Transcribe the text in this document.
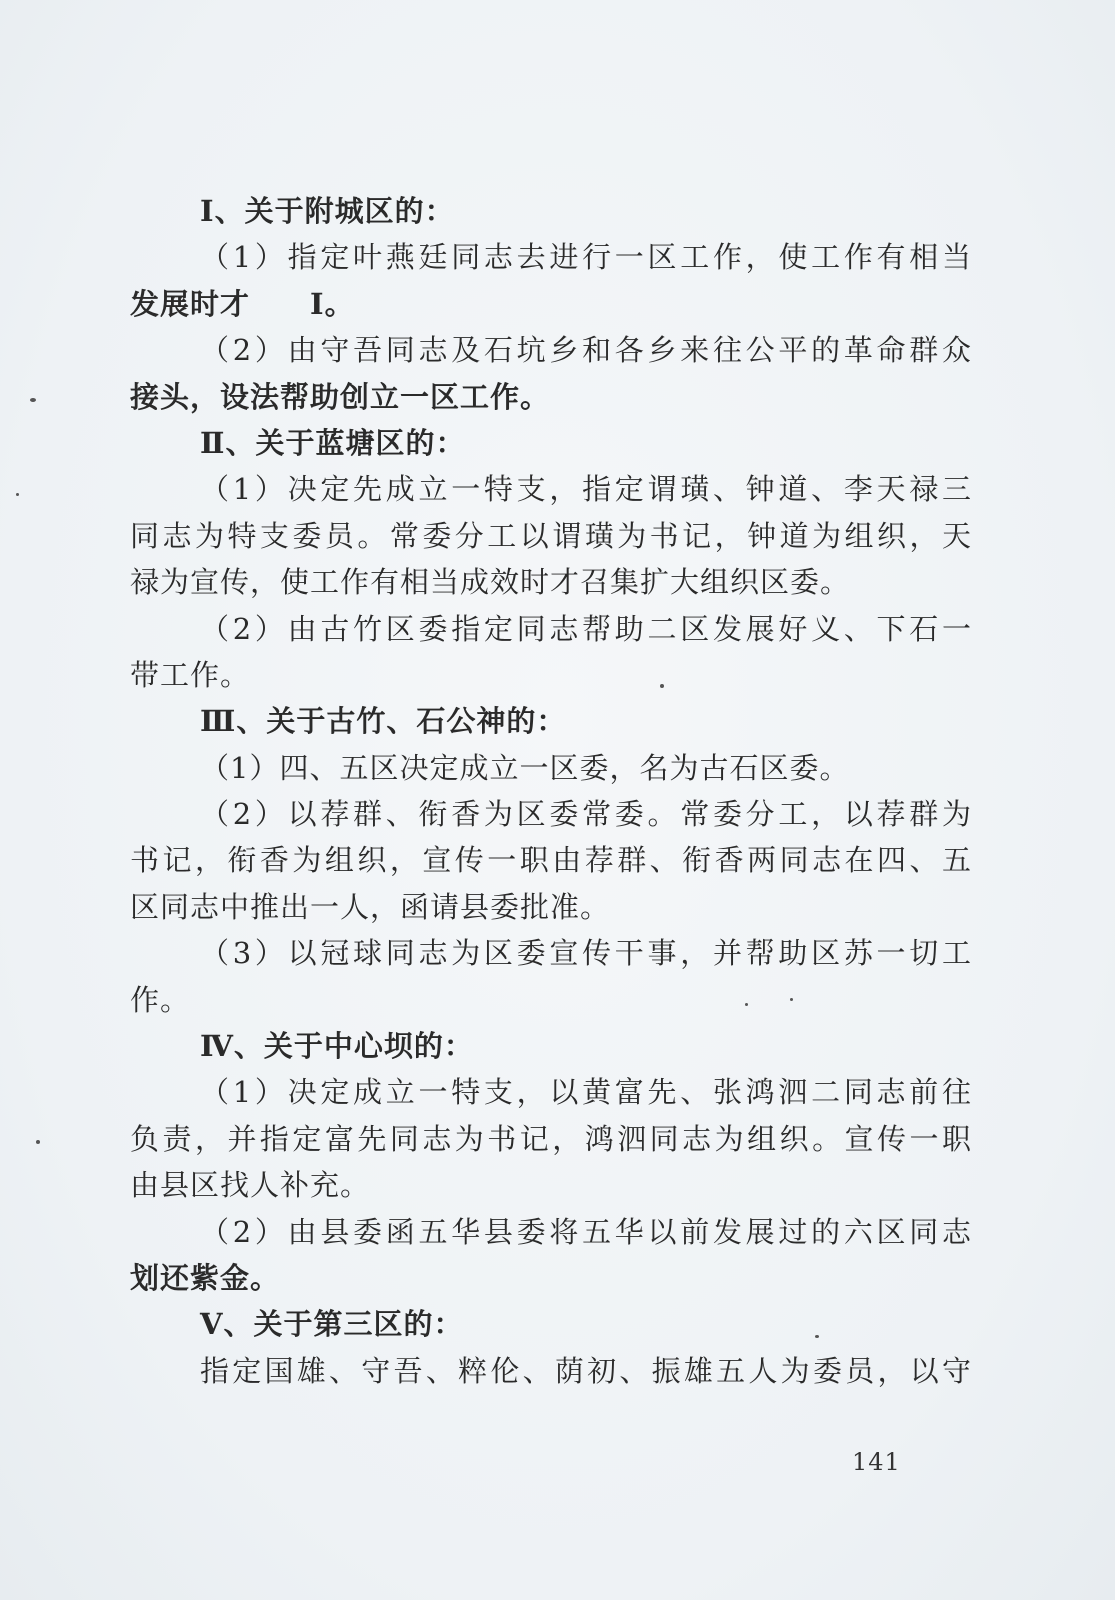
Ⅰ、关于附城区的：
（1）指定叶燕廷同志去进行一区工作，使工作有相当
发展时才　　Ⅰ。
（2）由守吾同志及石坑乡和各乡来往公平的革命群众
接头，设法帮助创立一区工作。
Ⅱ、关于蓝塘区的：
（1）决定先成立一特支，指定谓璜、钟道、李天禄三
同志为特支委员。常委分工以谓璜为书记，钟道为组织，天
禄为宣传，使工作有相当成效时才召集扩大组织区委。
（2）由古竹区委指定同志帮助二区发展好义、下石一
带工作。
Ⅲ、关于古竹、石公神的：
（1）四、五区决定成立一区委，名为古石区委。
（2）以荐群、衔香为区委常委。常委分工，以荐群为
书记，衔香为组织，宣传一职由荐群、衔香两同志在四、五
区同志中推出一人，函请县委批准。
（3）以冠球同志为区委宣传干事，并帮助区苏一切工
作。
Ⅳ、关于中心坝的：
（1）决定成立一特支，以黄富先、张鸿泗二同志前往
负责，并指定富先同志为书记，鸿泗同志为组织。宣传一职
由县区找人补充。
（2）由县委函五华县委将五华以前发展过的六区同志
划还紫金。
Ⅴ、关于第三区的：
指定国雄、守吾、粹伦、荫初、振雄五人为委员，以守
141
